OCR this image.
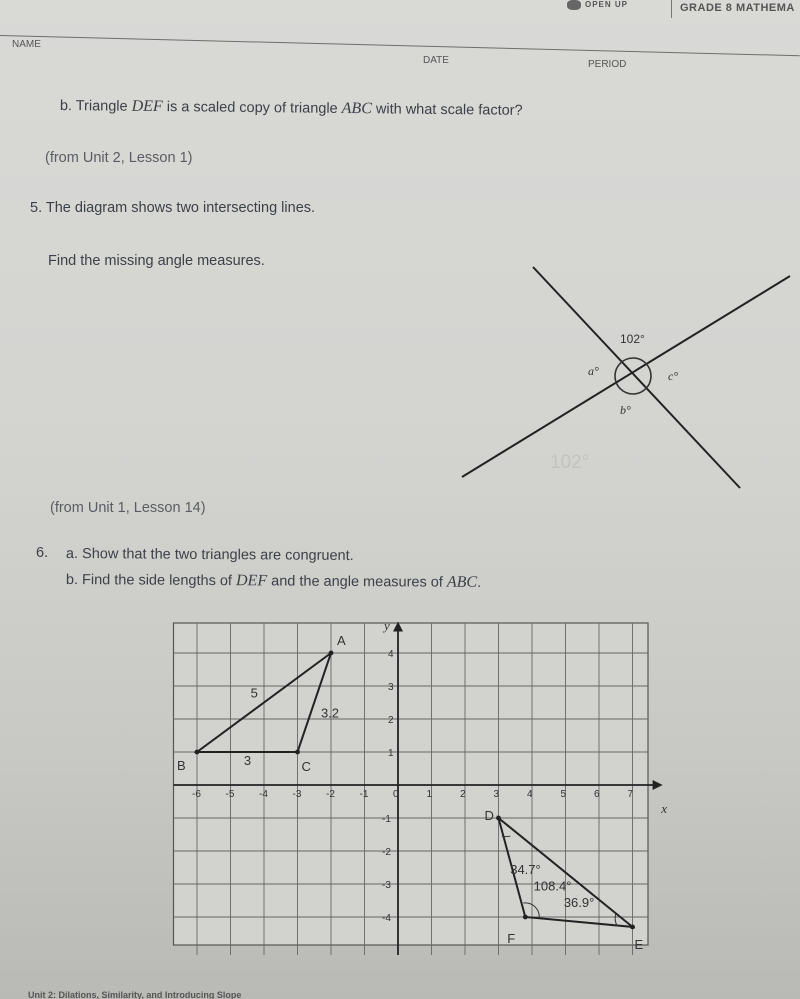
OPEN UP	GRADE 8 MATHEMA
NAME
DATE	PERIOD
b. Triangle DEF is a scaled copy of triangle ABC with what scale factor?
(from Unit 2, Lesson 1)
5. The diagram shows two intersecting lines.
Find the missing angle measures.
102°
a°	c°
b°
102°
(from Unit 1, Lesson 14)
6. a. Show that the two triangles are congruent.
b. Find the side lengths of DEF and the angle measures of ABC.
x
y
-6 -5 -4 -3 -2 -1 0	1	2	3	4	5	6	7
4
3
2
1
-1
-2
-3
-4
A
B	C
5
3.2
3
D
E
F
34.7°
108.4°
36.9°
Unit 2: Dilations, Similarity, and Introducing Slope
